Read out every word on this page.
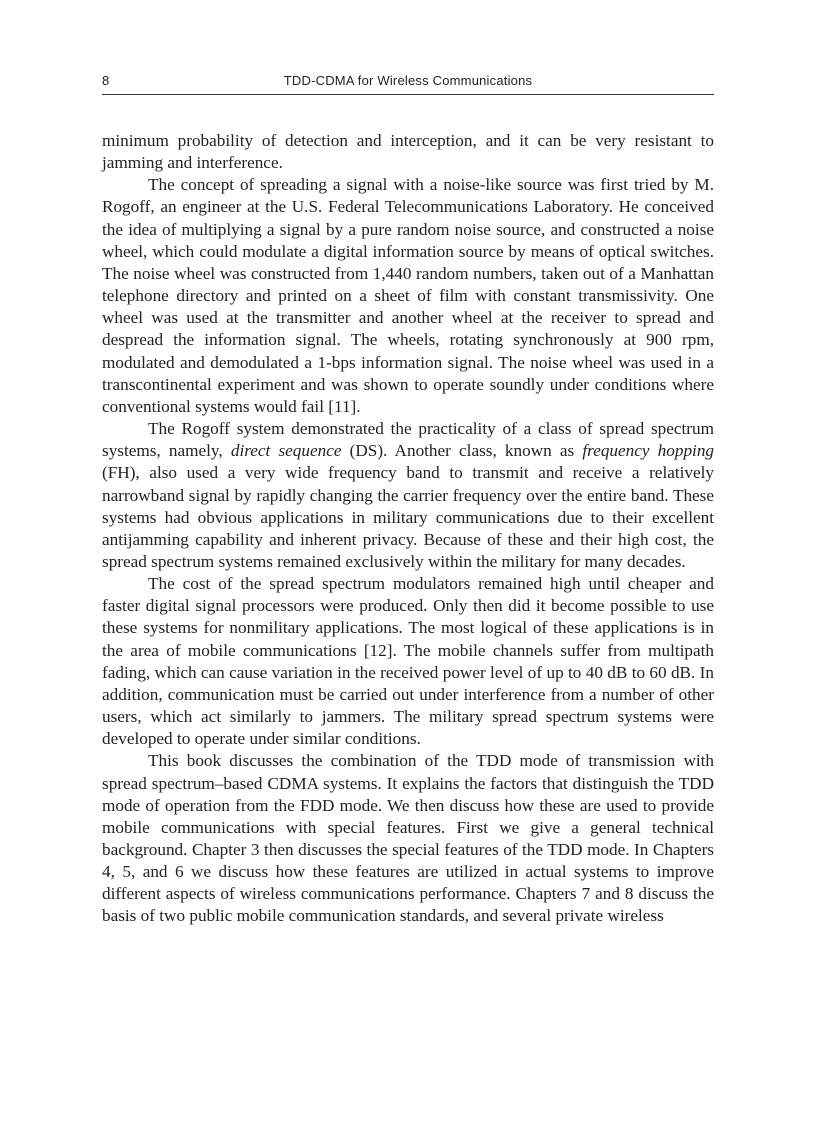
8	TDD-CDMA for Wireless Communications

minimum probability of detection and interception, and it can be very resistant to jamming and interference.

The concept of spreading a signal with a noise-like source was first tried by M. Rogoff, an engineer at the U.S. Federal Telecommunications Laboratory. He conceived the idea of multiplying a signal by a pure random noise source, and constructed a noise wheel, which could modulate a digital information source by means of optical switches. The noise wheel was constructed from 1,440 random numbers, taken out of a Manhattan telephone directory and printed on a sheet of film with constant transmissivity. One wheel was used at the transmitter and another wheel at the receiver to spread and despread the information signal. The wheels, rotating synchronously at 900 rpm, modulated and demodulated a 1-bps information signal. The noise wheel was used in a transcontinental experiment and was shown to operate soundly under conditions where conventional systems would fail [11].

The Rogoff system demonstrated the practicality of a class of spread spectrum systems, namely, direct sequence (DS). Another class, known as frequency hopping (FH), also used a very wide frequency band to transmit and receive a relatively narrowband signal by rapidly changing the carrier frequency over the entire band. These systems had obvious applications in military communications due to their excellent antijamming capability and inherent privacy. Because of these and their high cost, the spread spectrum systems remained exclusively within the military for many decades.

The cost of the spread spectrum modulators remained high until cheaper and faster digital signal processors were produced. Only then did it become possible to use these systems for nonmilitary applications. The most logical of these applications is in the area of mobile communications [12]. The mobile channels suffer from multipath fading, which can cause variation in the received power level of up to 40 dB to 60 dB. In addition, communication must be carried out under interference from a number of other users, which act similarly to jammers. The military spread spectrum systems were developed to operate under similar conditions.

This book discusses the combination of the TDD mode of transmission with spread spectrum–based CDMA systems. It explains the factors that distinguish the TDD mode of operation from the FDD mode. We then discuss how these are used to provide mobile communications with special features. First we give a general technical background. Chapter 3 then discusses the special features of the TDD mode. In Chapters 4, 5, and 6 we discuss how these features are utilized in actual systems to improve different aspects of wireless communications performance. Chapters 7 and 8 discuss the basis of two public mobile communication standards, and several private wireless
